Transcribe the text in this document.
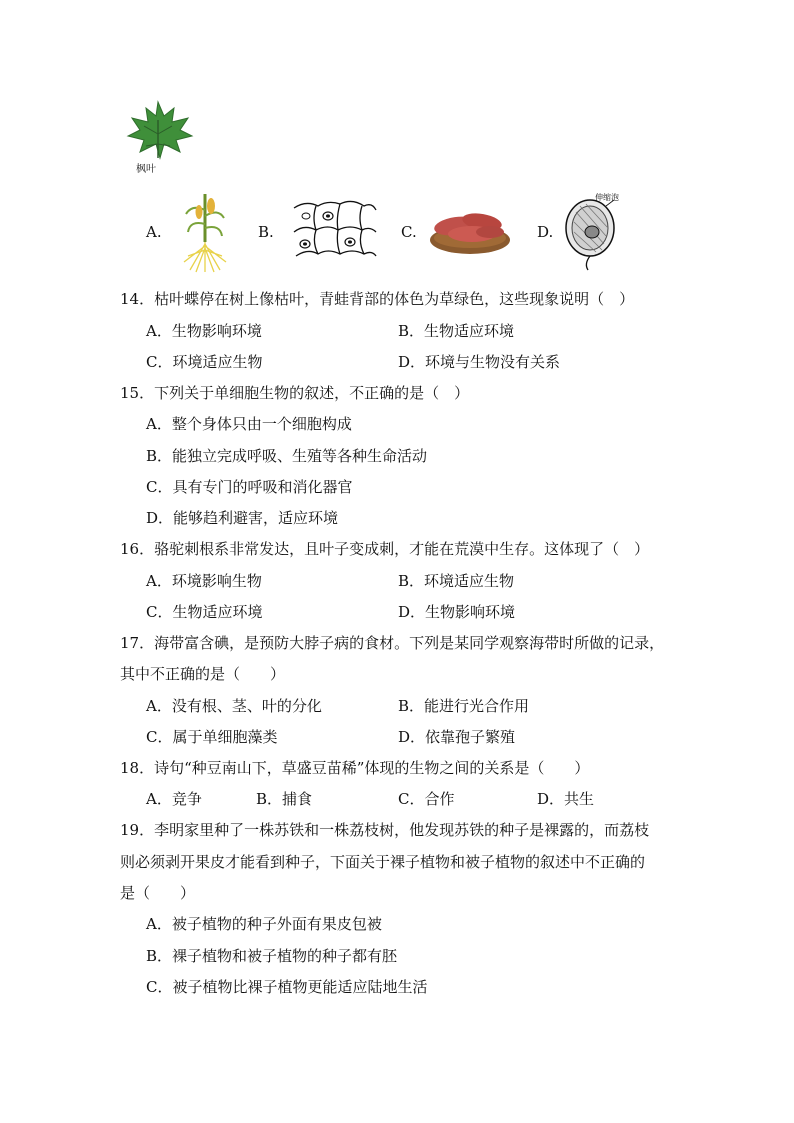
枫叶
A.	B.	C.	D.
伸缩泡
14．枯叶蝶停在树上像枯叶，青蛙背部的体色为草绿色，这些现象说明（　）
A．生物影响环境	B．生物适应环境
C．环境适应生物	D．环境与生物没有关系
15．下列关于单细胞生物的叙述，不正确的是（　）
A．整个身体只由一个细胞构成
B．能独立完成呼吸、生殖等各种生命活动
C．具有专门的呼吸和消化器官
D．能够趋利避害，适应环境
16．骆驼刺根系非常发达，且叶子变成刺，才能在荒漠中生存。这体现了（　）
A．环境影响生物	B．环境适应生物
C．生物适应环境	D．生物影响环境
17．海带富含碘，是预防大脖子病的食材。下列是某同学观察海带时所做的记录，
其中不正确的是（　　）
A．没有根、茎、叶的分化	B．能进行光合作用
C．属于单细胞藻类	D．依靠孢子繁殖
18．诗句“种豆南山下，草盛豆苗稀”体现的生物之间的关系是（　　）
A．竞争	B．捕食	C．合作	D．共生
19．李明家里种了一株苏铁和一株荔枝树，他发现苏铁的种子是裸露的，而荔枝
则必须剥开果皮才能看到种子，下面关于裸子植物和被子植物的叙述中不正确的
是（　　）
A．被子植物的种子外面有果皮包被
B．裸子植物和被子植物的种子都有胚
C．被子植物比裸子植物更能适应陆地生活
